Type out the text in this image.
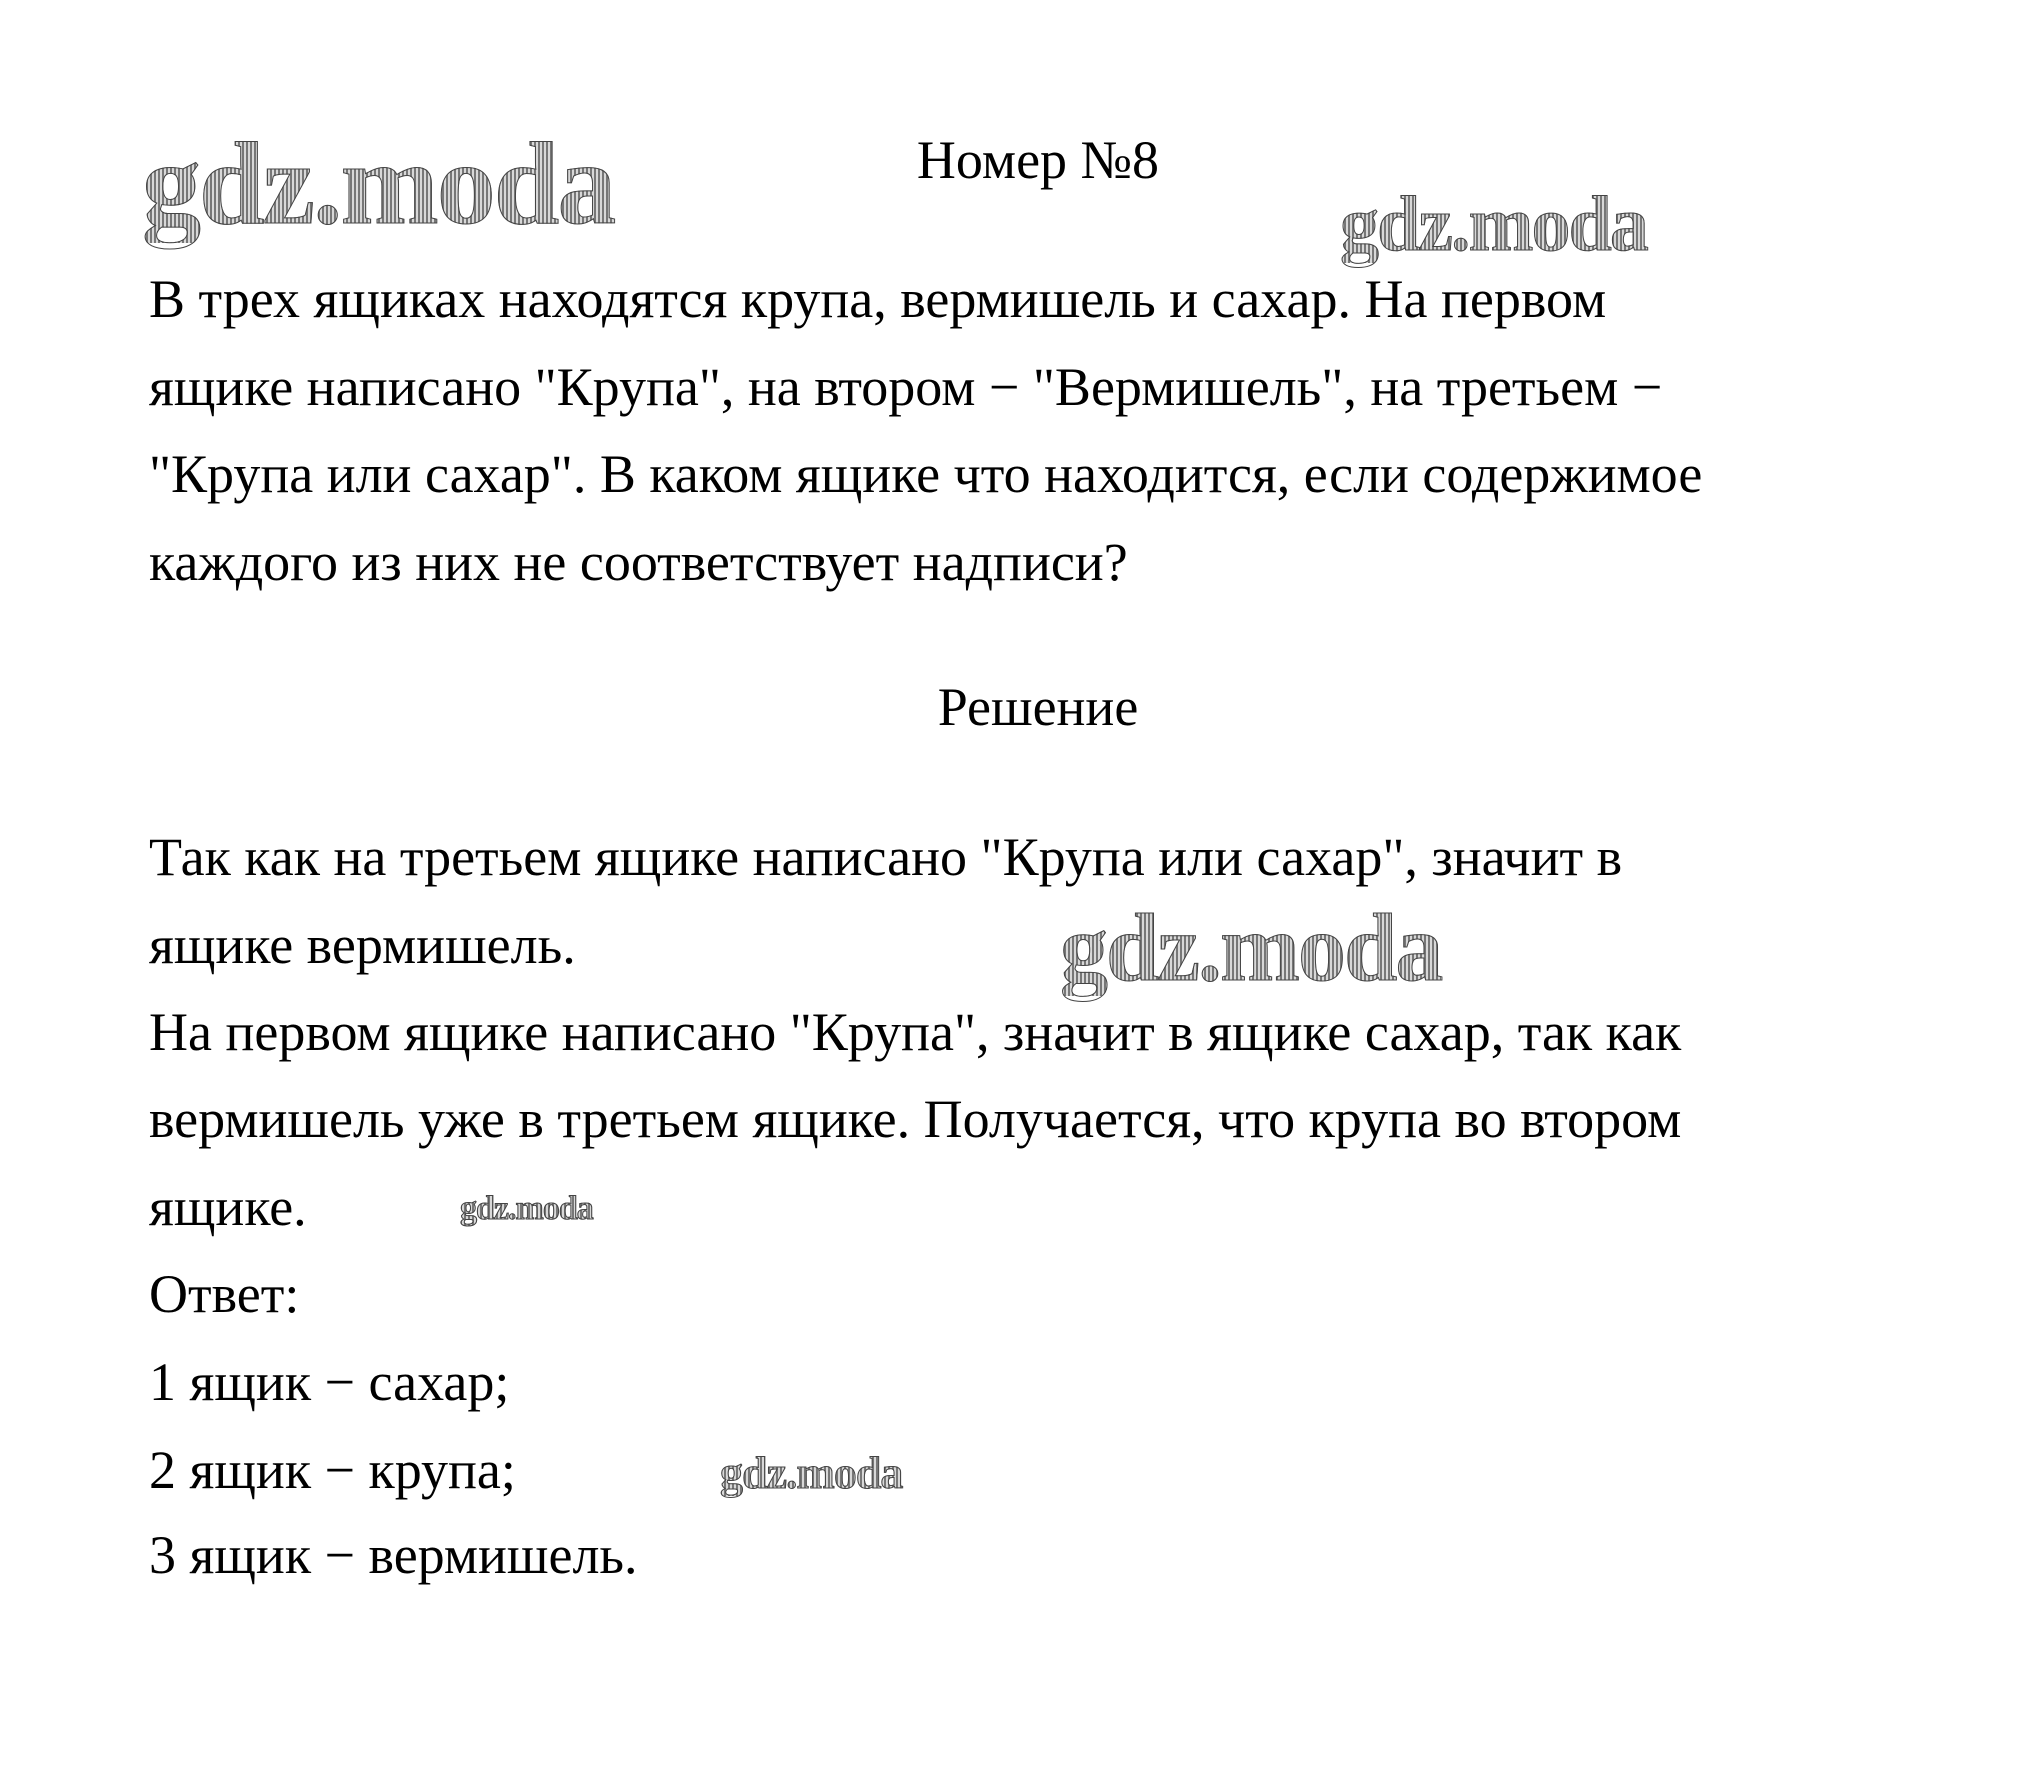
gdz.moda	gdz.moda
gdz.moda
gdz.moda
gdz.moda
Номер №8
В трех ящиках находятся крупа, вермишель и сахар. На первом
ящике написано "Крупа", на втором − "Вермишель", на третьем −
"Крупа или сахар". В каком ящике что находится, если содержимое
каждого из них не соответствует надписи?
Решение
Так как на третьем ящике написано "Крупа или сахар", значит в
ящике вермишель.
На первом ящике написано "Крупа", значит в ящике сахар, так как
вермишель уже в третьем ящике. Получается, что крупа во втором
ящике.
Ответ:
1 ящик − сахар;
2 ящик − крупа;
3 ящик − вермишель.
